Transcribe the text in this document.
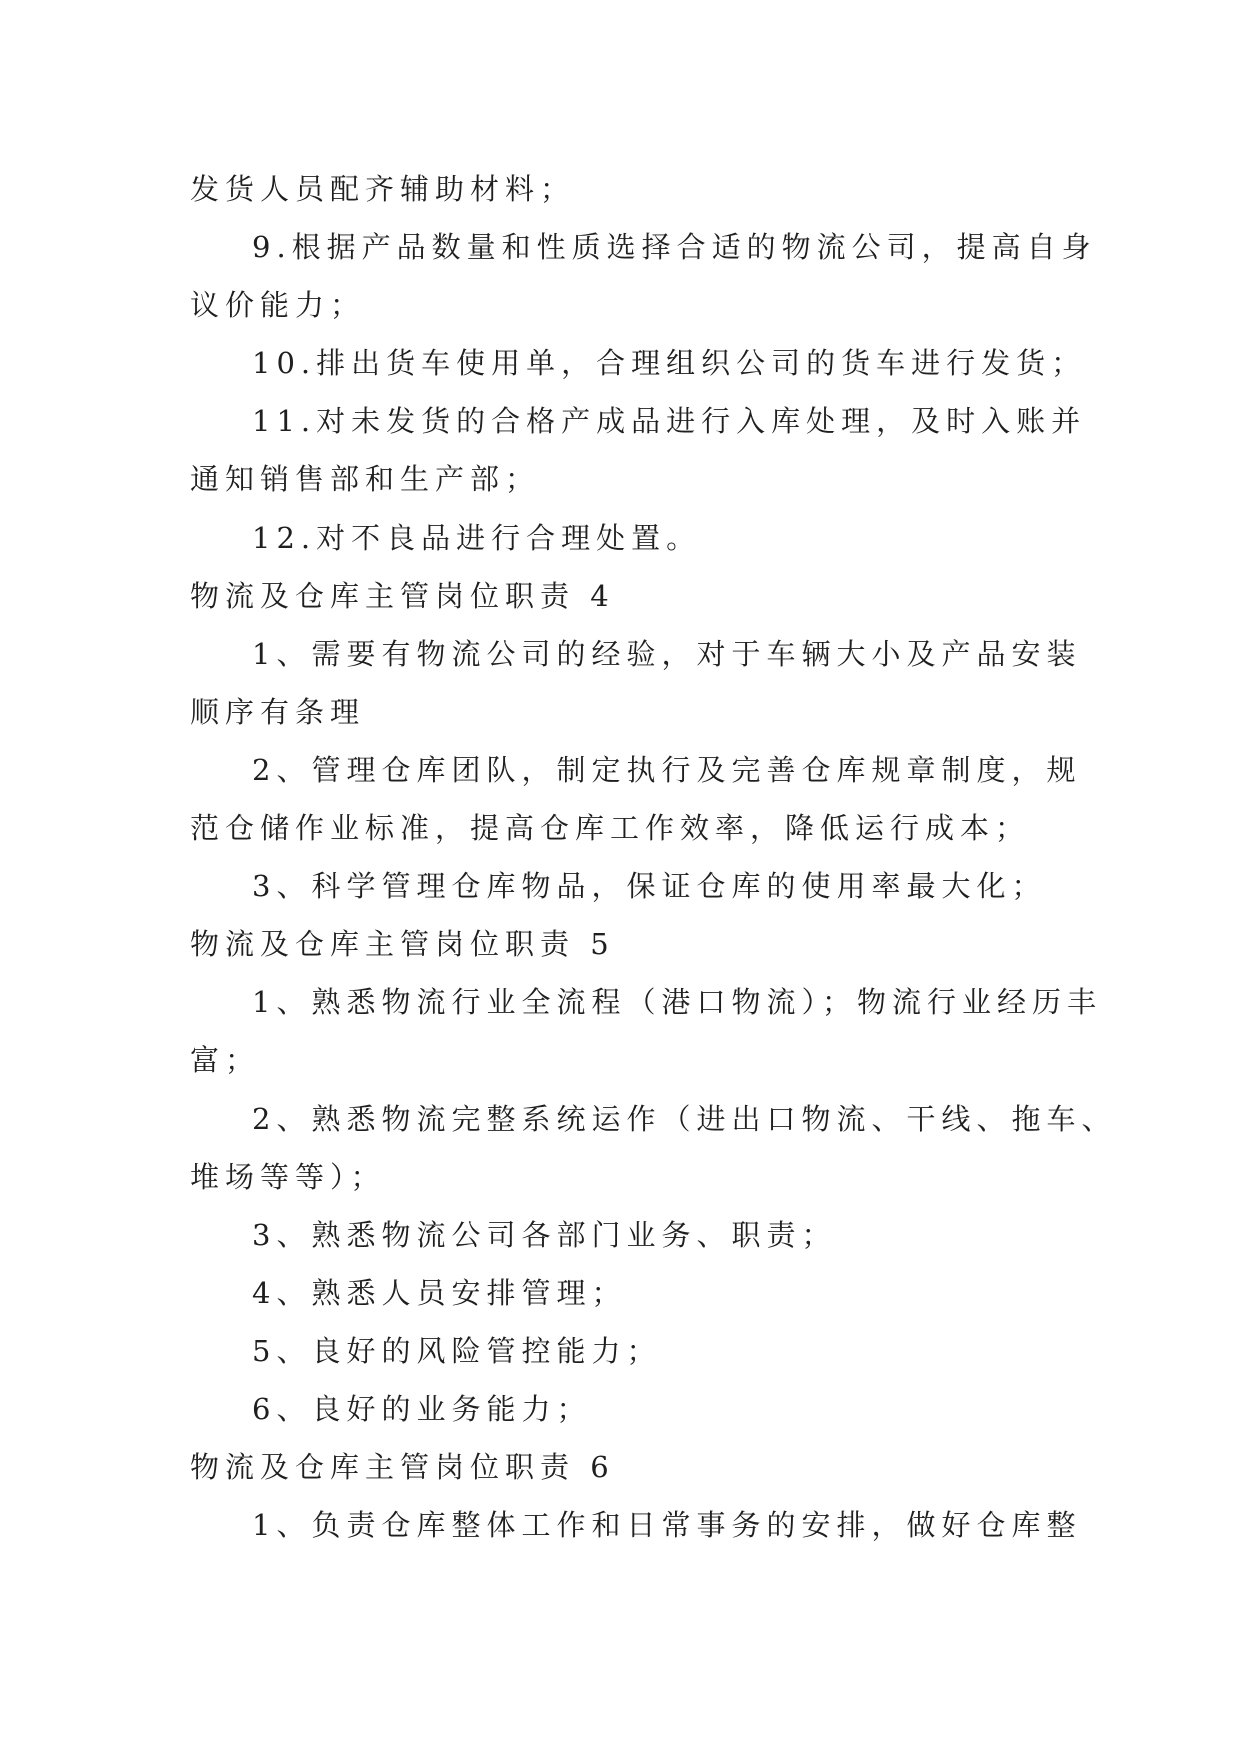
发货人员配齐辅助材料；
9.根据产品数量和性质选择合适的物流公司，提高自身
议价能力；
10.排出货车使用单，合理组织公司的货车进行发货；
11.对未发货的合格产成品进行入库处理，及时入账并
通知销售部和生产部；
12.对不良品进行合理处置。
物流及仓库主管岗位职责 4
1、需要有物流公司的经验，对于车辆大小及产品安装
顺序有条理
2、管理仓库团队，制定执行及完善仓库规章制度，规
范仓储作业标准，提高仓库工作效率，降低运行成本；
3、科学管理仓库物品，保证仓库的使用率最大化；
物流及仓库主管岗位职责 5
1、熟悉物流行业全流程（港口物流）；物流行业经历丰
富；
2、熟悉物流完整系统运作（进出口物流、干线、拖车、
堆场等等）；
3、熟悉物流公司各部门业务、职责；
4、熟悉人员安排管理；
5、良好的风险管控能力；
6、良好的业务能力；
物流及仓库主管岗位职责 6
1、负责仓库整体工作和日常事务的安排，做好仓库整
